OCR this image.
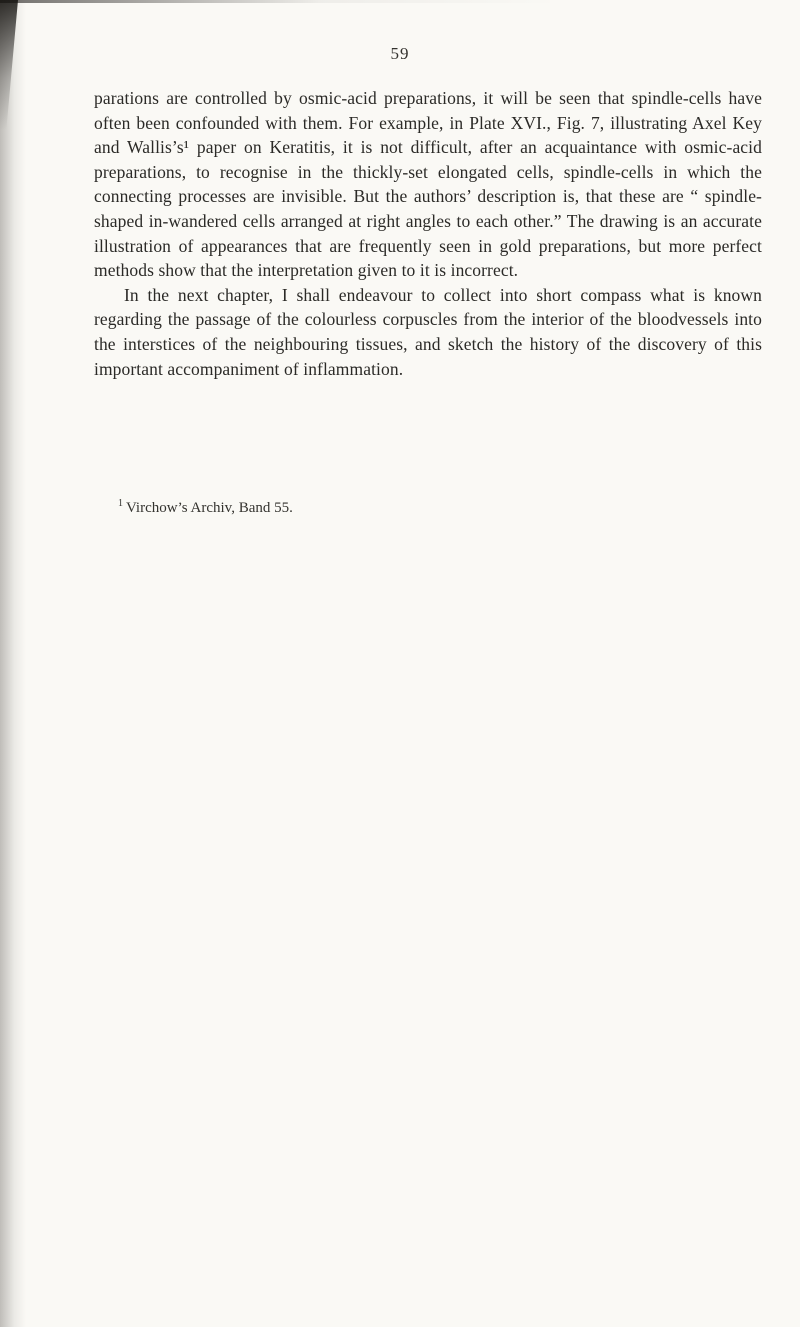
59

parations are controlled by osmic-acid preparations, it will be seen that spindle-cells have often been confounded with them. For example, in Plate XVI., Fig. 7, illustrating Axel Key and Wallis’s¹ paper on Keratitis, it is not difficult, after an acquaintance with osmic-acid preparations, to recognise in the thickly-set elongated cells, spindle-cells in which the connecting processes are invisible. But the authors’ description is, that these are “ spindle-shaped in-wandered cells arranged at right angles to each other.” The drawing is an accurate illustration of appearances that are frequently seen in gold preparations, but more perfect methods show that the interpretation given to it is incorrect.

In the next chapter, I shall endeavour to collect into short compass what is known regarding the passage of the colourless corpuscles from the interior of the bloodvessels into the interstices of the neighbouring tissues, and sketch the history of the discovery of this important accompaniment of inflammation.

$^1$ Virchow’s Archiv, Band 55.
